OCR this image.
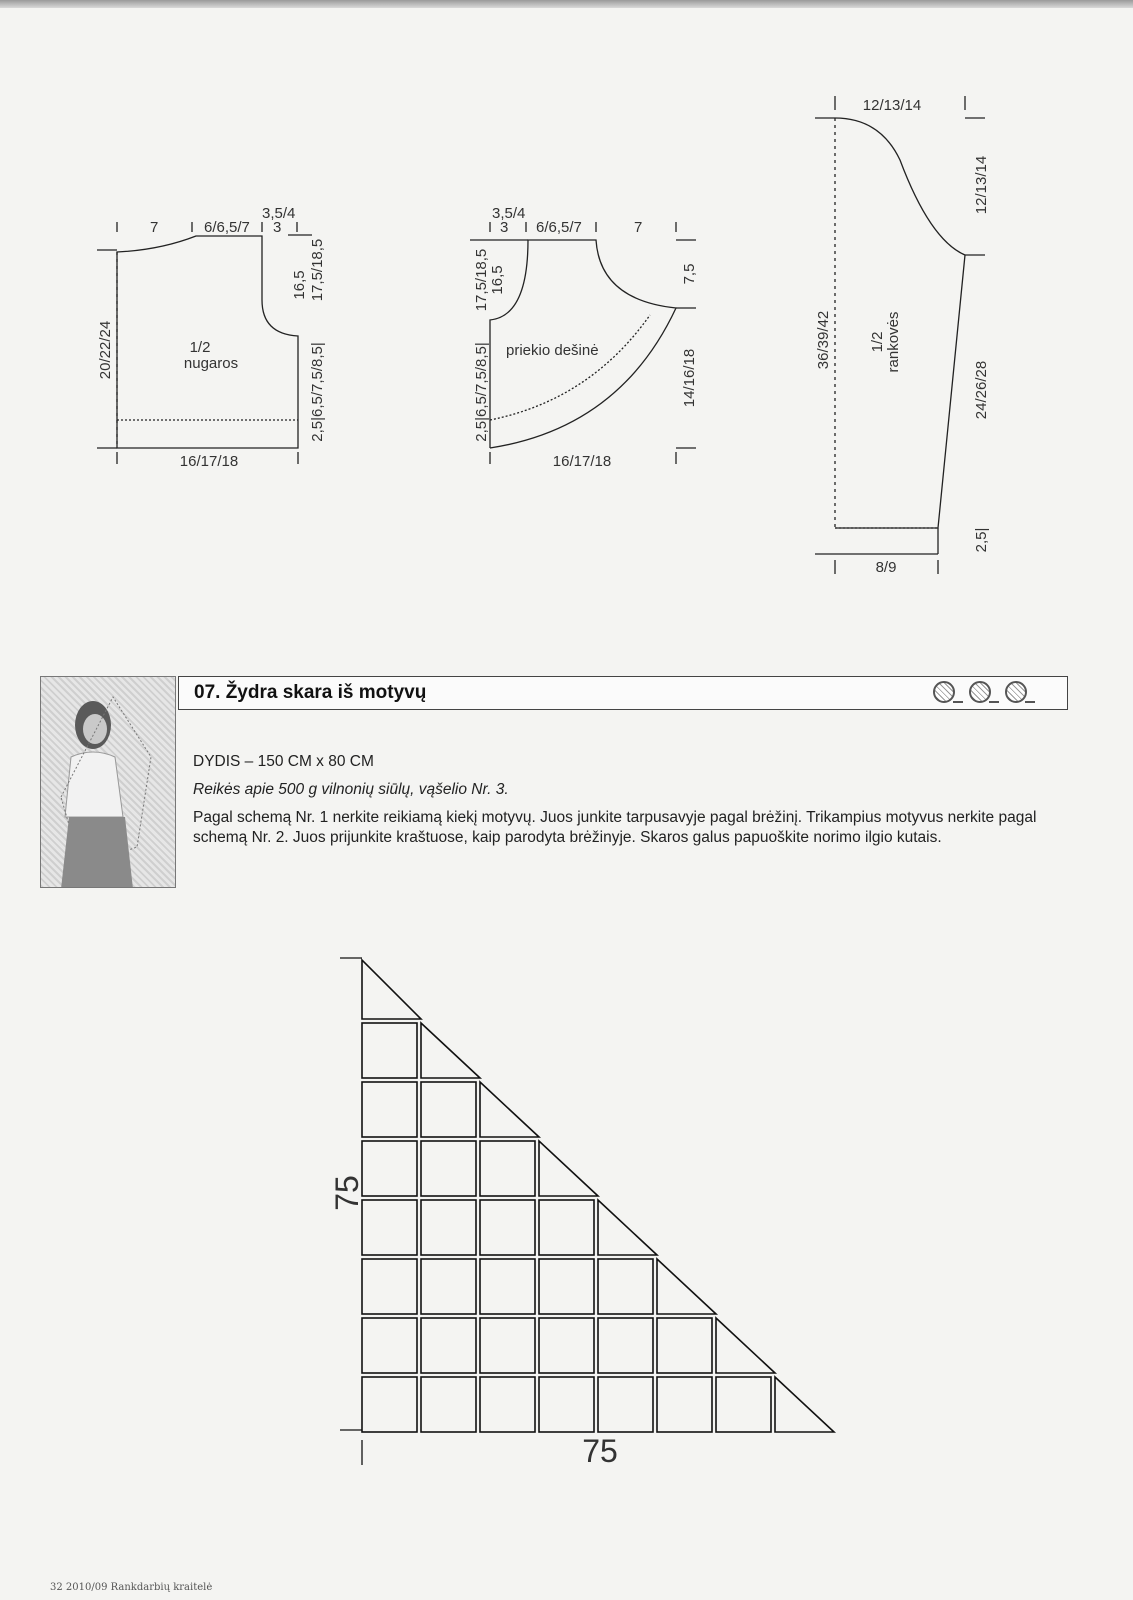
7	6/6,5/7 3
3,5/4
1/2
nugaros
16/17/18
20/22/24
16,5 17,5/18,5
2,5|6,5/7,5/8,5|
3,5/4
3 6/6,5/7	7
priekio dešinė
16/17/18
17,5/18,5 16,5
2,5|6,5/7,5/8,5|
7,5
14/16/18
12/13/14
12/13/14
24/26/28
2,5|
36/39/42 1/2 rankovės
8/9
07. Žydra skara iš motyvų

DYDIS – 150 CM x 80 CM

Reikės apie 500 g vilnonių siūlų, vąšelio Nr. 3.

Pagal schemą Nr. 1 nerkite reikiamą kiekį motyvų. Juos junkite tarpusavyje pagal brėžinį. Trikampius motyvus nerkite pagal schemą Nr. 2. Juos prijunkite kraštuose, kaip parodyta brėžinyje. Skaros galus papuoškite norimo ilgio kutais.

75
75
32 2010/09 Rankdarbių kraitelė
